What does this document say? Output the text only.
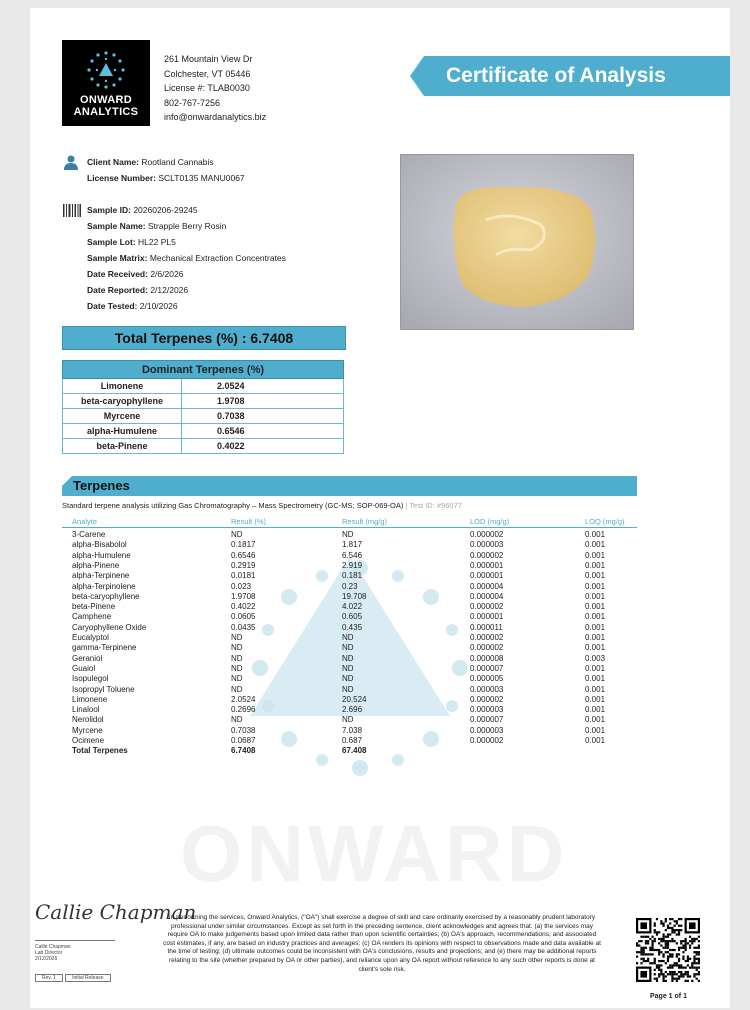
ONWARD
ANALYTICS
261 Mountain View Dr
Colchester, VT 05446
License #: TLAB0030
802-767-7256
info@onwardanalytics.biz
Certificate of Analysis
Client Name: Rootland Cannabis
License Number: SCLT0135 MANU0067
Sample ID: 20260206-29245
Sample Name: Strapple Berry Rosin
Sample Lot: HL22 PL5
Sample Matrix: Mechanical Extraction Concentrates
Date Received: 2/6/2026
Date Reported: 2/12/2026
Date Tested: 2/10/2026
Total Terpenes (%) : 6.7408
Dominant Terpenes (%)	
Limonene	2.0524
beta-caryophyllene	1.9708
Myrcene	0.7038
alpha-Humulene	0.6546
beta-Pinene	0.4022
ONWARD
Terpenes
Standard terpene analysis utilizing Gas Chromatography – Mass Spectrometry (GC-MS; SOP-069-OA) | Test ID: #96077
Analyte	Result (%)	Result (mg/g)	LOD (mg/g)	LOQ (mg/g)
3-Carene	ND	ND	0.000002	0.001
alpha-Bisabolol	0.1817	1.817	0.000003	0.001
alpha-Humulene	0.6546	6.546	0.000002	0.001
alpha-Pinene	0.2919	2.919	0.000001	0.001
alpha-Terpinene	0.0181	0.181	0.000001	0.001
alpha-Terpinolene	0.023	0.23	0.000004	0.001
beta-caryophyllene	1.9708	19.708	0.000004	0.001
beta-Pinene	0.4022	4.022	0.000002	0.001
Camphene	0.0605	0.605	0.000001	0.001
Caryophyllene Oxide	0.0435	0.435	0.000011	0.001
Eucalyptol	ND	ND	0.000002	0.001
gamma-Terpinene	ND	ND	0.000002	0.001
Geraniol	ND	ND	0.000008	0.003
Guaiol	ND	ND	0.000007	0.001
Isopulegol	ND	ND	0.000005	0.001
Isopropyl Toluene	ND	ND	0.000003	0.001
Limonene	2.0524	20.524	0.000002	0.001
Linalool	0.2696	2.696	0.000003	0.001
Nerolidol	ND	ND	0.000007	0.001
Myrcene	0.7038	7.038	0.000003	0.001
Ocimene	0.0687	0.687	0.000002	0.001
Total Terpenes	6.7408	67.408
Callie Chapman
Callie Chapman
Lab Director
2/12/2026
Rev. 1	Initial Release
In performing the services, Onward Analytics, ("OA") shall exercise a degree of skill and care ordinarily exercised by a reasonably prudent laboratory professional under similar circumstances. Except as set forth in the preceding sentence, client acknowledges and agrees that: (a) the services may require OA to make judgements based upon limited data rather than upon scientific certainties; (b) OA's approach, recommendations, and associated cost estimates, if any, are based on industry practices and averages; (c) OA renders its opinions with respect to observations made and data available at the time of testing; (d) ultimate outcomes could be inconsistent with OA's conclusions, results and projections; and (e) there may be additional reports relating to the site (whether prepared by OA or other parties), and reliance upon any OA report without reference to any such other reports is done at client's sole risk.
Page 1 of 1
